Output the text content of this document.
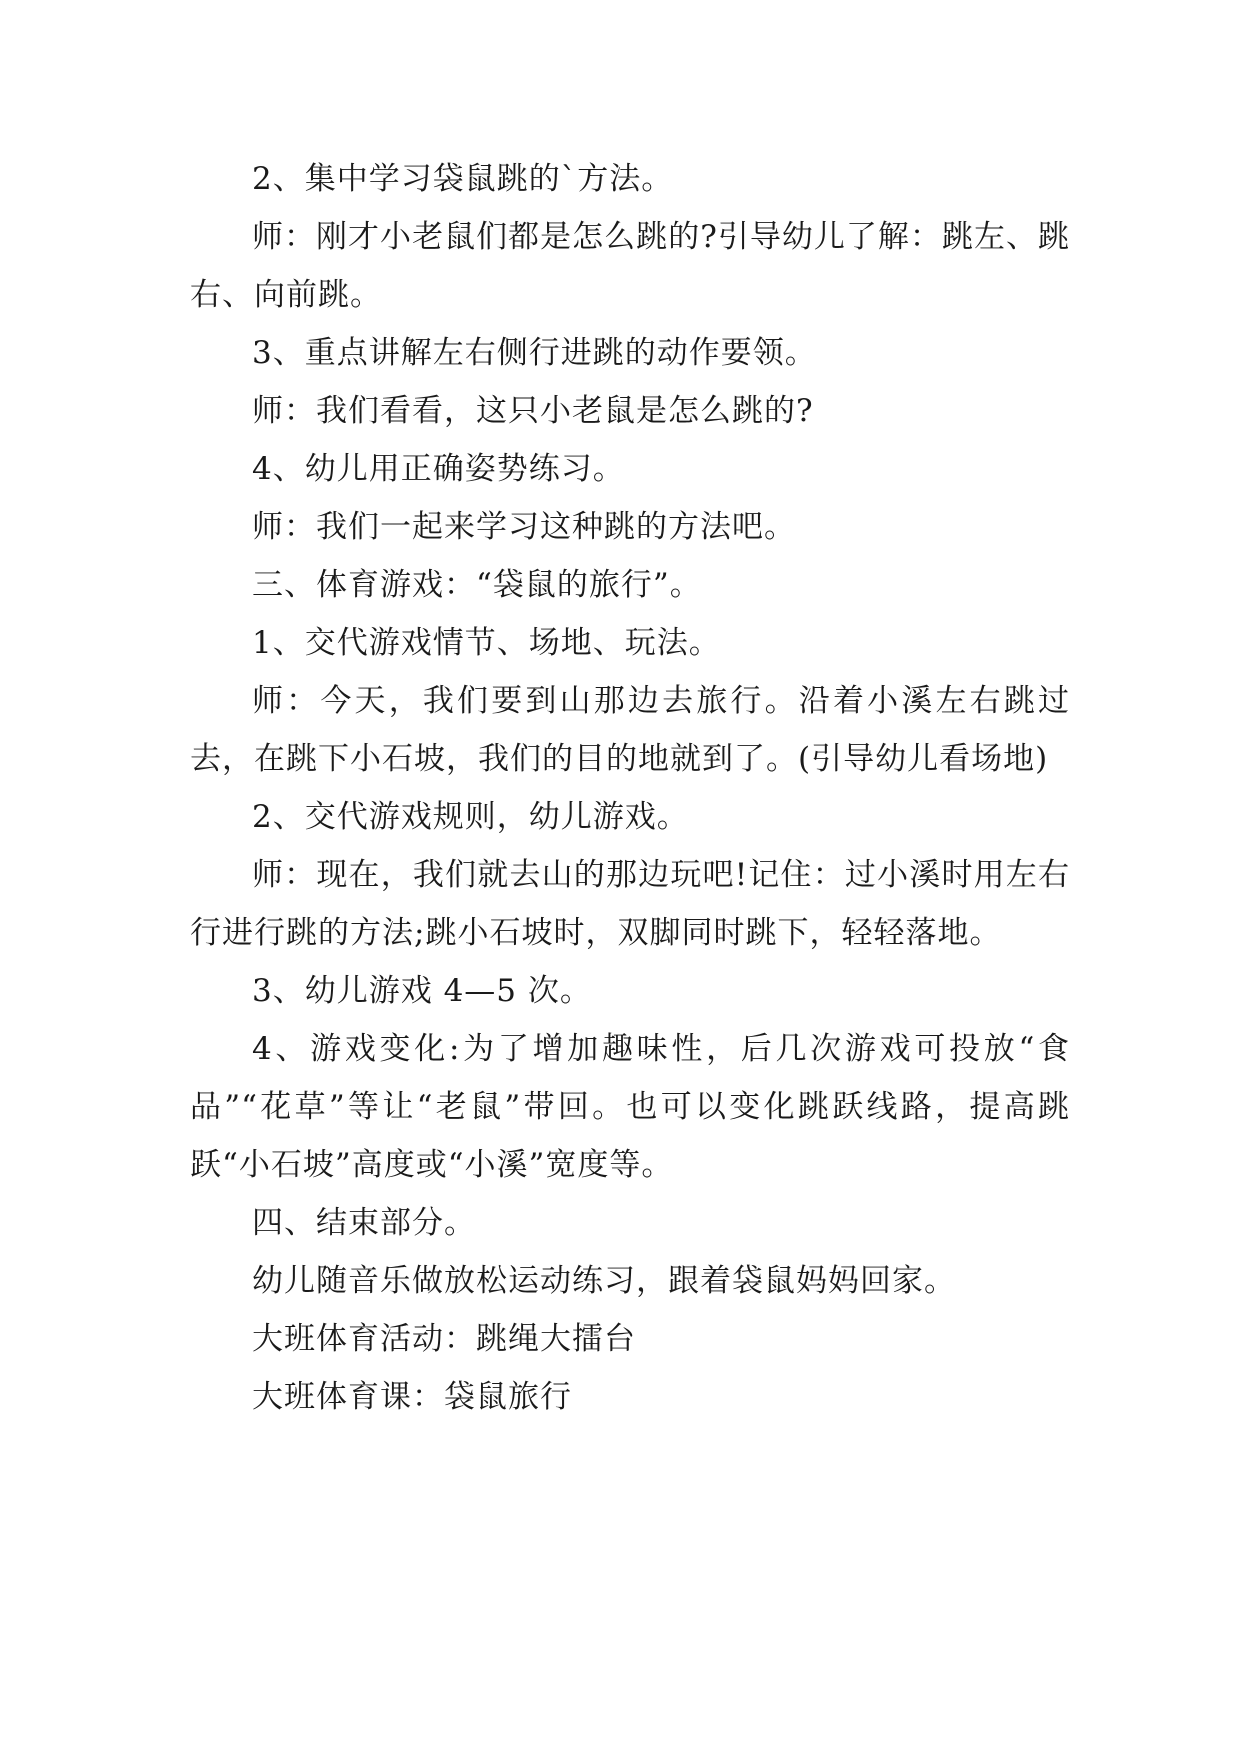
2、集中学习袋鼠跳的`方法。

师：刚才小老鼠们都是怎么跳的?引导幼儿了解：跳左、跳右、向前跳。

3、重点讲解左右侧行进跳的动作要领。

师：我们看看，这只小老鼠是怎么跳的?

4、幼儿用正确姿势练习。

师：我们一起来学习这种跳的方法吧。

三、体育游戏：“袋鼠的旅行”。

1、交代游戏情节、场地、玩法。

师：今天，我们要到山那边去旅行。沿着小溪左右跳过去，在跳下小石坡，我们的目的地就到了。(引导幼儿看场地)

2、交代游戏规则，幼儿游戏。

师：现在，我们就去山的那边玩吧!记住：过小溪时用左右行进行跳的方法;跳小石坡时，双脚同时跳下，轻轻落地。

3、幼儿游戏 4—5 次。

4、游戏变化:为了增加趣味性，后几次游戏可投放“食品”“花草”等让“老鼠”带回。也可以变化跳跃线路，提高跳跃“小石坡”高度或“小溪”宽度等。

四、结束部分。

幼儿随音乐做放松运动练习，跟着袋鼠妈妈回家。

大班体育活动：跳绳大擂台

大班体育课：袋鼠旅行
